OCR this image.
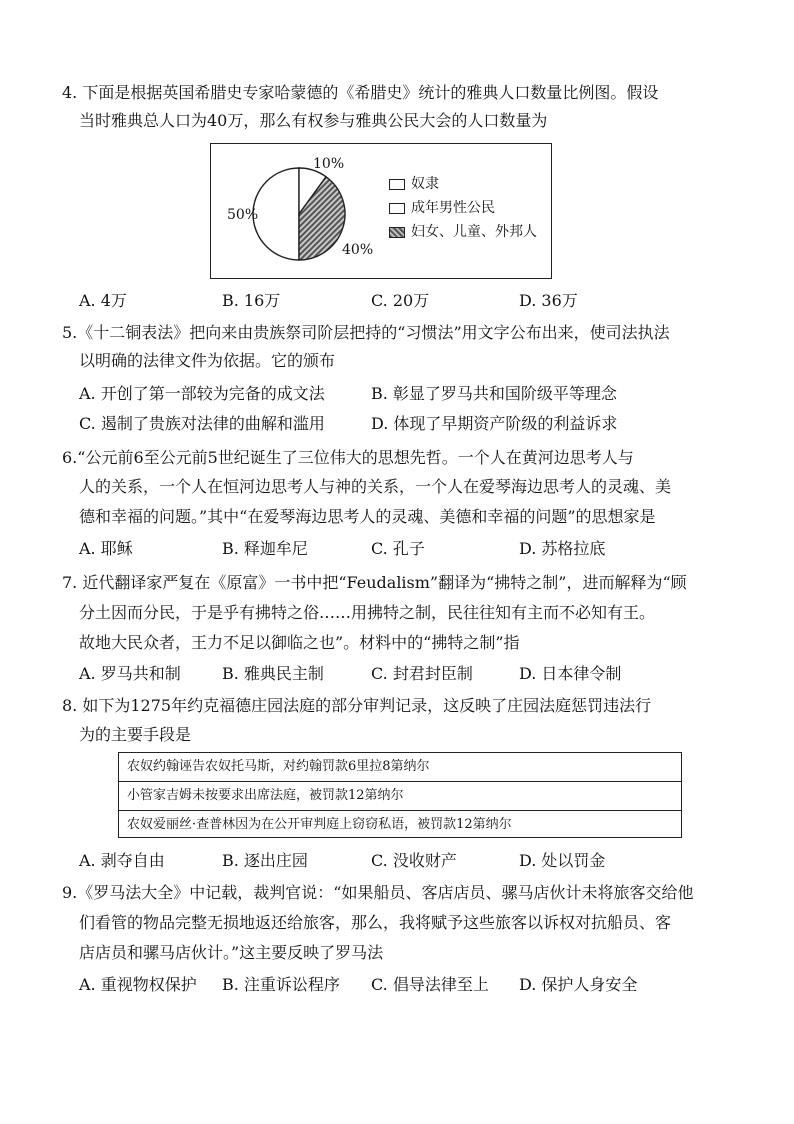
4. 下面是根据英国希腊史专家哈蒙德的《希腊史》统计的雅典人口数量比例图。假设
当时雅典总人口为40万，那么有权参与雅典公民大会的人口数量为
50%
10%
40%
奴隶
成年男性公民
妇女、儿童、外邦人
A. 4万	B. 16万	C. 20万	D. 36万
5.《十二铜表法》把向来由贵族祭司阶层把持的“习惯法”用文字公布出来，使司法执法
以明确的法律文件为依据。它的颁布
A. 开创了第一部较为完备的成文法	B. 彰显了罗马共和国阶级平等理念
C. 遏制了贵族对法律的曲解和滥用	D. 体现了早期资产阶级的利益诉求
6.“公元前6至公元前5世纪诞生了三位伟大的思想先哲。一个人在黄河边思考人与
人的关系，一个人在恒河边思考人与神的关系，一个人在爱琴海边思考人的灵魂、美
德和幸福的问题。”其中“在爱琴海边思考人的灵魂、美德和幸福的问题”的思想家是
A. 耶稣	B. 释迦牟尼	C. 孔子	D. 苏格拉底
7. 近代翻译家严复在《原富》一书中把“Feudalism”翻译为“拂特之制”，进而解释为“顾
分土因而分民，于是乎有拂特之俗……用拂特之制，民往往知有主而不必知有王。
故地大民众者，王力不足以御临之也”。材料中的“拂特之制”指
A. 罗马共和制	B. 雅典民主制	C. 封君封臣制	D. 日本律令制
8. 如下为1275年约克福德庄园法庭的部分审判记录，这反映了庄园法庭惩罚违法行
为的主要手段是
农奴约翰诬告农奴托马斯，对约翰罚款6里拉8第纳尔
小管家吉姆未按要求出席法庭，被罚款12第纳尔
农奴爱丽丝·查普林因为在公开审判庭上窃窃私语，被罚款12第纳尔
A. 剥夺自由	B. 逐出庄园	C. 没收财产	D. 处以罚金
9.《罗马法大全》中记载，裁判官说：“如果船员、客店店员、骡马店伙计未将旅客交给他
们看管的物品完整无损地返还给旅客，那么，我将赋予这些旅客以诉权对抗船员、客
店店员和骡马店伙计。”这主要反映了罗马法
A. 重视物权保护 B. 注重诉讼程序 C. 倡导法律至上 D. 保护人身安全
